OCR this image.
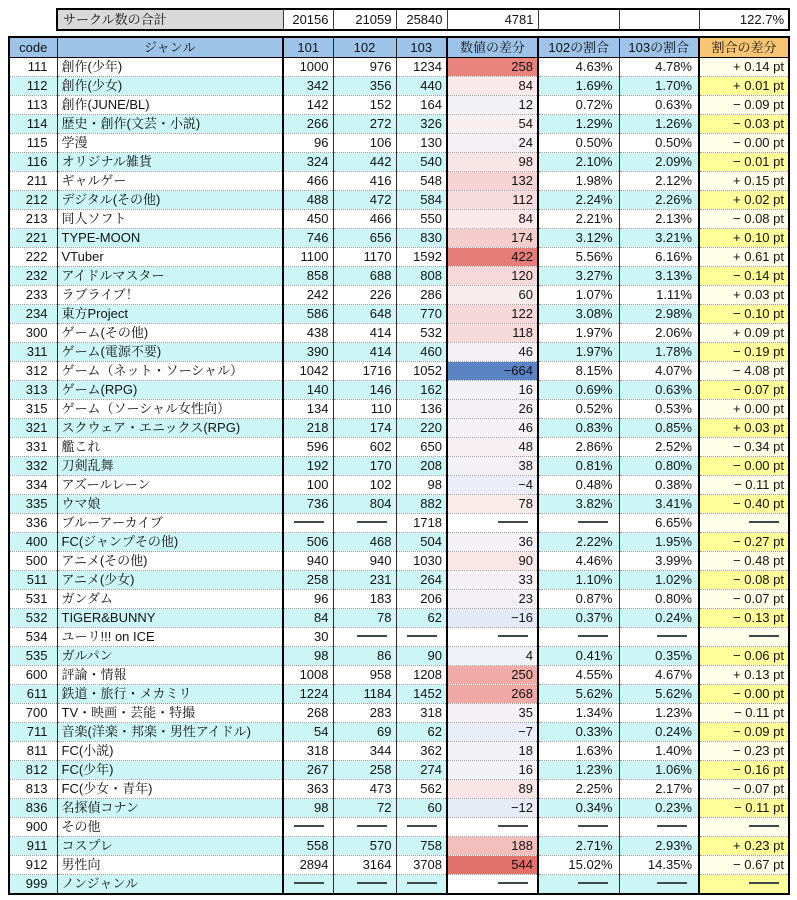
サークル数の合計	20156	21059	25840	4781			122.7%
code	ジャンル	101	102	103	数値の差分	102の割合	103の割合	割合の差分
111	創作(少年)	1000	976	1234	258	4.63%	4.78%	+ 0.14 pt
112	創作(少女)	342	356	440	84	1.69%	1.70%	+ 0.01 pt
113	創作(JUNE/BL)	142	152	164	12	0.72%	0.63%	− 0.09 pt
114	歴史・創作(文芸・小説)	266	272	326	54	1.29%	1.26%	− 0.03 pt
115	学漫	96	106	130	24	0.50%	0.50%	− 0.00 pt
116	オリジナル雑貨	324	442	540	98	2.10%	2.09%	− 0.01 pt
211	ギャルゲー	466	416	548	132	1.98%	2.12%	+ 0.15 pt
212	デジタル(その他)	488	472	584	112	2.24%	2.26%	+ 0.02 pt
213	同人ソフト	450	466	550	84	2.21%	2.13%	− 0.08 pt
221	TYPE-MOON	746	656	830	174	3.12%	3.21%	+ 0.10 pt
222	VTuber	1100	1170	1592	422	5.56%	6.16%	+ 0.61 pt
232	アイドルマスター	858	688	808	120	3.27%	3.13%	− 0.14 pt
233	ラブライブ！	242	226	286	60	1.07%	1.11%	+ 0.03 pt
234	東方Project	586	648	770	122	3.08%	2.98%	− 0.10 pt
300	ゲーム(その他)	438	414	532	118	1.97%	2.06%	+ 0.09 pt
311	ゲーム(電源不要)	390	414	460	46	1.97%	1.78%	− 0.19 pt
312	ゲーム（ネット・ソーシャル）	1042	1716	1052	−664	8.15%	4.07%	− 4.08 pt
313	ゲーム(RPG)	140	146	162	16	0.69%	0.63%	− 0.07 pt
315	ゲーム（ソーシャル女性向）	134	110	136	26	0.52%	0.53%	+ 0.00 pt
321	スクウェア・エニックス(RPG)	218	174	220	46	0.83%	0.85%	+ 0.03 pt
331	艦これ	596	602	650	48	2.86%	2.52%	− 0.34 pt
332	刀剣乱舞	192	170	208	38	0.81%	0.80%	− 0.00 pt
334	アズールレーン	100	102	98	−4	0.48%	0.38%	− 0.11 pt
335	ウマ娘	736	804	882	78	3.82%	3.41%	− 0.40 pt
336	ブルーアーカイブ			1718			6.65%	
400	FC(ジャンプその他)	506	468	504	36	2.22%	1.95%	− 0.27 pt
500	アニメ(その他)	940	940	1030	90	4.46%	3.99%	− 0.48 pt
511	アニメ(少女)	258	231	264	33	1.10%	1.02%	− 0.08 pt
531	ガンダム	96	183	206	23	0.87%	0.80%	− 0.07 pt
532	TIGER&BUNNY	84	78	62	−16	0.37%	0.24%	− 0.13 pt
534	ユーリ!!! on ICE	30						
535	ガルパン	98	86	90	4	0.41%	0.35%	− 0.06 pt
600	評論・情報	1008	958	1208	250	4.55%	4.67%	+ 0.13 pt
611	鉄道・旅行・メカミリ	1224	1184	1452	268	5.62%	5.62%	− 0.00 pt
700	TV・映画・芸能・特撮	268	283	318	35	1.34%	1.23%	− 0.11 pt
711	音楽(洋楽・邦楽・男性アイドル)	54	69	62	−7	0.33%	0.24%	− 0.09 pt
811	FC(小説)	318	344	362	18	1.63%	1.40%	− 0.23 pt
812	FC(少年)	267	258	274	16	1.23%	1.06%	− 0.16 pt
813	FC(少女・青年)	363	473	562	89	2.25%	2.17%	− 0.07 pt
836	名探偵コナン	98	72	60	−12	0.34%	0.23%	− 0.11 pt
900	その他							
911	コスプレ	558	570	758	188	2.71%	2.93%	+ 0.23 pt
912	男性向	2894	3164	3708	544	15.02%	14.35%	− 0.67 pt
999	ノンジャンル							
